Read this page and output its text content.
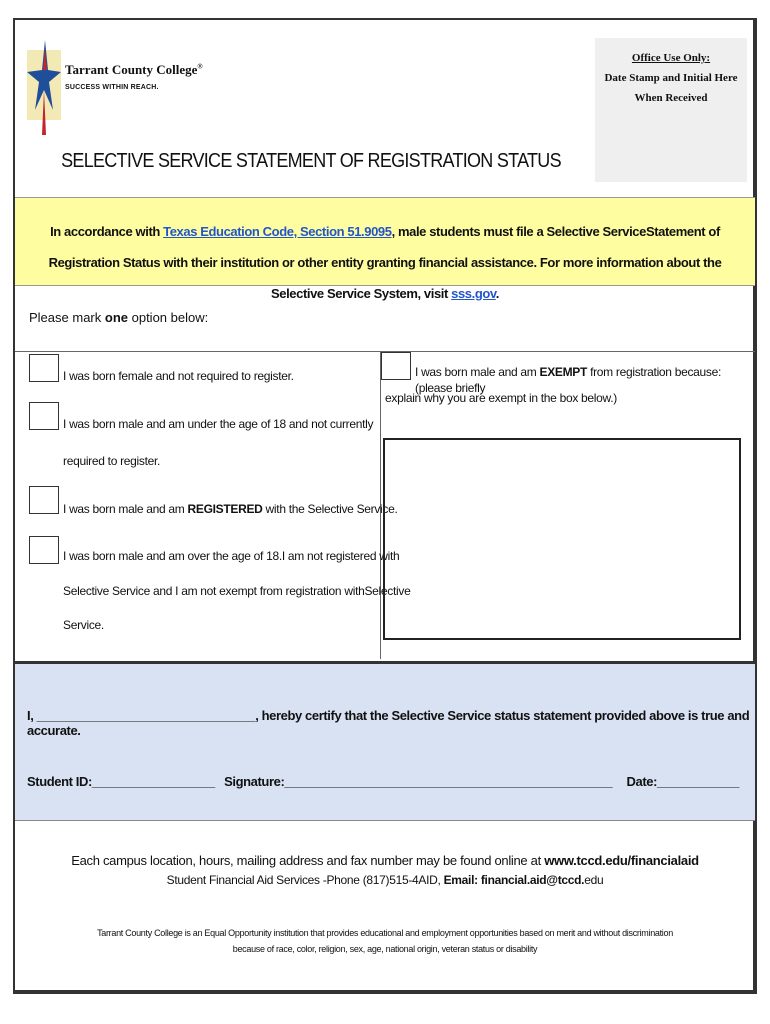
Tarrant County College®
SUCCESS WITHIN REACH.
Office Use Only:
Date Stamp and Initial Here
When Received
SELECTIVE SERVICE STATEMENT OF REGISTRATION STATUS
In accordance with Texas Education Code, Section 51.9095, male students must file a Selective ServiceStatement of Registration Status with their institution or other entity granting financial assistance. For more information about the Selective Service System, visit sss.gov.
Please mark one option below:
I was born female and not required to register.
I was born male and am under the age of 18 and not currently
required to register.
I was born male and am REGISTERED with the Selective Service.
I was born male and am over the age of 18.I am not registered with
Selective Service and I am not exempt from registration withSelective
Service.
I was born male and am EXEMPT from registration because: (please briefly
explain why you are exempt in the box below.)
I, ________________________________, hereby certify that the Selective Service status statement provided above is true and accurate.
Student ID:__________________ Signature:________________________________________________ Date:____________
Each campus location, hours, mailing address and fax number may be found online at www.tccd.edu/financialaid
Student Financial Aid Services -Phone (817)515-4AID, Email: financial.aid@tccd.edu
Tarrant County College is an Equal Opportunity institution that provides educational and employment opportunities based on merit and without discrimination because of race, color, religion, sex, age, national origin, veteran status or disability
